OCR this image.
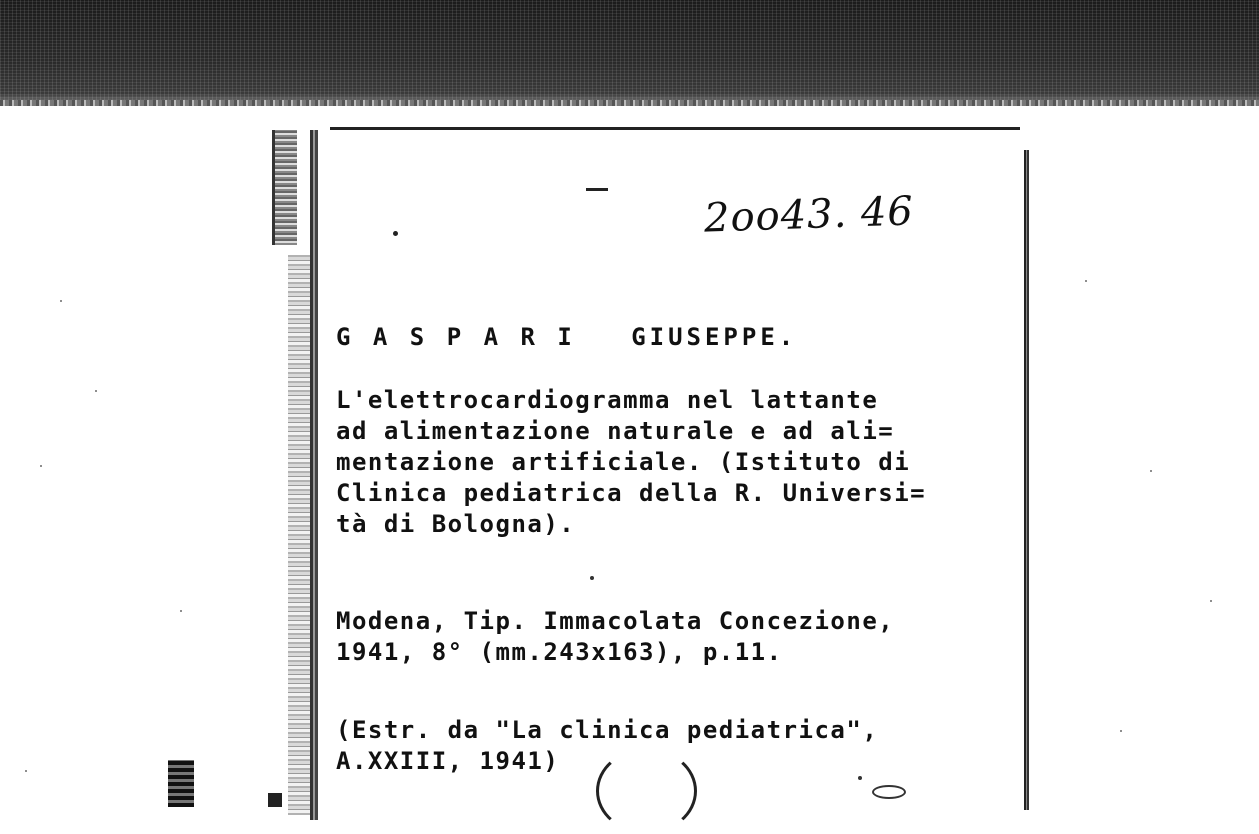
2oo43. 46
G A S P A R I   GIUSEPPE.
L'elettrocardiogramma nel lattante
ad alimentazione naturale e ad ali=
mentazione artificiale. (Istituto di
Clinica pediatrica della R. Universi=
tà di Bologna).
Modena, Tip. Immacolata Concezione,
1941, 8° (mm.243x163), p.11.
(Estr. da "La clinica pediatrica",
A.XXIII, 1941)
